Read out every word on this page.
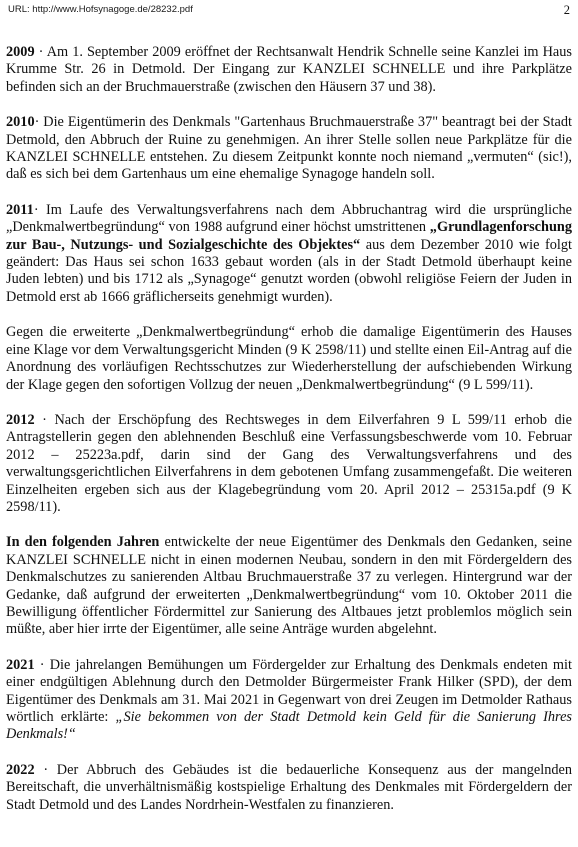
URL: http://www.Hofsynagoge.de/28232.pdf	2

2009 · Am 1. September 2009 eröffnet der Rechtsanwalt Hendrik Schnelle seine Kanzlei im Haus Krumme Str. 26 in Detmold. Der Eingang zur KANZLEI SCHNELLE und ihre Parkplätze befinden sich an der Bruchmauerstraße (zwischen den Häusern 37 und 38).

2010· Die Eigentümerin des Denkmals "Gartenhaus Bruchmauerstraße 37" beantragt bei der Stadt Detmold, den Abbruch der Ruine zu genehmigen. An ihrer Stelle sollen neue Parkplätze für die KANZLEI SCHNELLE entstehen. Zu diesem Zeitpunkt konnte noch niemand „vermuten“ (sic!), daß es sich bei dem Gartenhaus um eine ehemalige Synagoge handeln soll.

2011· Im Laufe des Verwaltungsverfahrens nach dem Abbruchantrag wird die ursprüngliche „Denkmalwertbegründung“ von 1988 aufgrund einer höchst umstrittenen „Grundlagenforschung zur Bau-, Nutzungs- und Sozialgeschichte des Objektes“ aus dem Dezember 2010 wie folgt geändert: Das Haus sei schon 1633 gebaut worden (als in der Stadt Detmold überhaupt keine Juden lebten) und bis 1712 als „Synagoge“ genutzt worden (obwohl religiöse Feiern der Juden in Detmold erst ab 1666 gräflicherseits genehmigt wurden).

Gegen die erweiterte „Denkmalwertbegründung“ erhob die damalige Eigentümerin des Hauses eine Klage vor dem Verwaltungsgericht Minden (9 K 2598/11) und stellte einen Eil-Antrag auf die Anordnung des vorläufigen Rechtsschutzes zur Wiederherstellung der aufschiebenden Wirkung der Klage gegen den sofortigen Vollzug der neuen „Denkmalwertbegründung“ (9 L 599/11).

2012 · Nach der Erschöpfung des Rechtsweges in dem Eilverfahren 9 L 599/11 erhob die Antragstellerin gegen den ablehnenden Beschluß eine Verfassungsbeschwerde vom 10. Februar 2012 – 25223a.pdf, darin sind der Gang des Verwaltungsverfahrens und des verwaltungsgerichtlichen Eilverfahrens in dem gebotenen Umfang zusammengefaßt. Die weiteren Einzelheiten ergeben sich aus der Klagebegründung vom 20. April 2012 – 25315a.pdf (9 K 2598/11).

In den folgenden Jahren entwickelte der neue Eigentümer des Denkmals den Gedanken, seine KANZLEI SCHNELLE nicht in einen modernen Neubau, sondern in den mit Fördergeldern des Denkmalschutzes zu sanierenden Altbau Bruchmauerstraße 37 zu verlegen. Hintergrund war der Gedanke, daß aufgrund der erweiterten „Denkmalwertbegründung“ vom 10. Oktober 2011 die Bewilligung öffentlicher Fördermittel zur Sanierung des Altbaues jetzt problemlos möglich sein müßte, aber hier irrte der Eigentümer, alle seine Anträge wurden abgelehnt.

2021 · Die jahrelangen Bemühungen um Fördergelder zur Erhaltung des Denkmals endeten mit einer endgültigen Ablehnung durch den Detmolder Bürgermeister Frank Hilker (SPD), der dem Eigentümer des Denkmals am 31. Mai 2021 in Gegenwart von drei Zeugen im Detmolder Rathaus wörtlich erklärte: „Sie bekommen von der Stadt Detmold kein Geld für die Sanierung Ihres Denkmals!“

2022 · Der Abbruch des Gebäudes ist die bedauerliche Konsequenz aus der mangelnden Bereitschaft, die unverhältnismäßig kostspielige Erhaltung des Denkmales mit Fördergeldern der Stadt Detmold und des Landes Nordrhein-Westfalen zu finanzieren.
